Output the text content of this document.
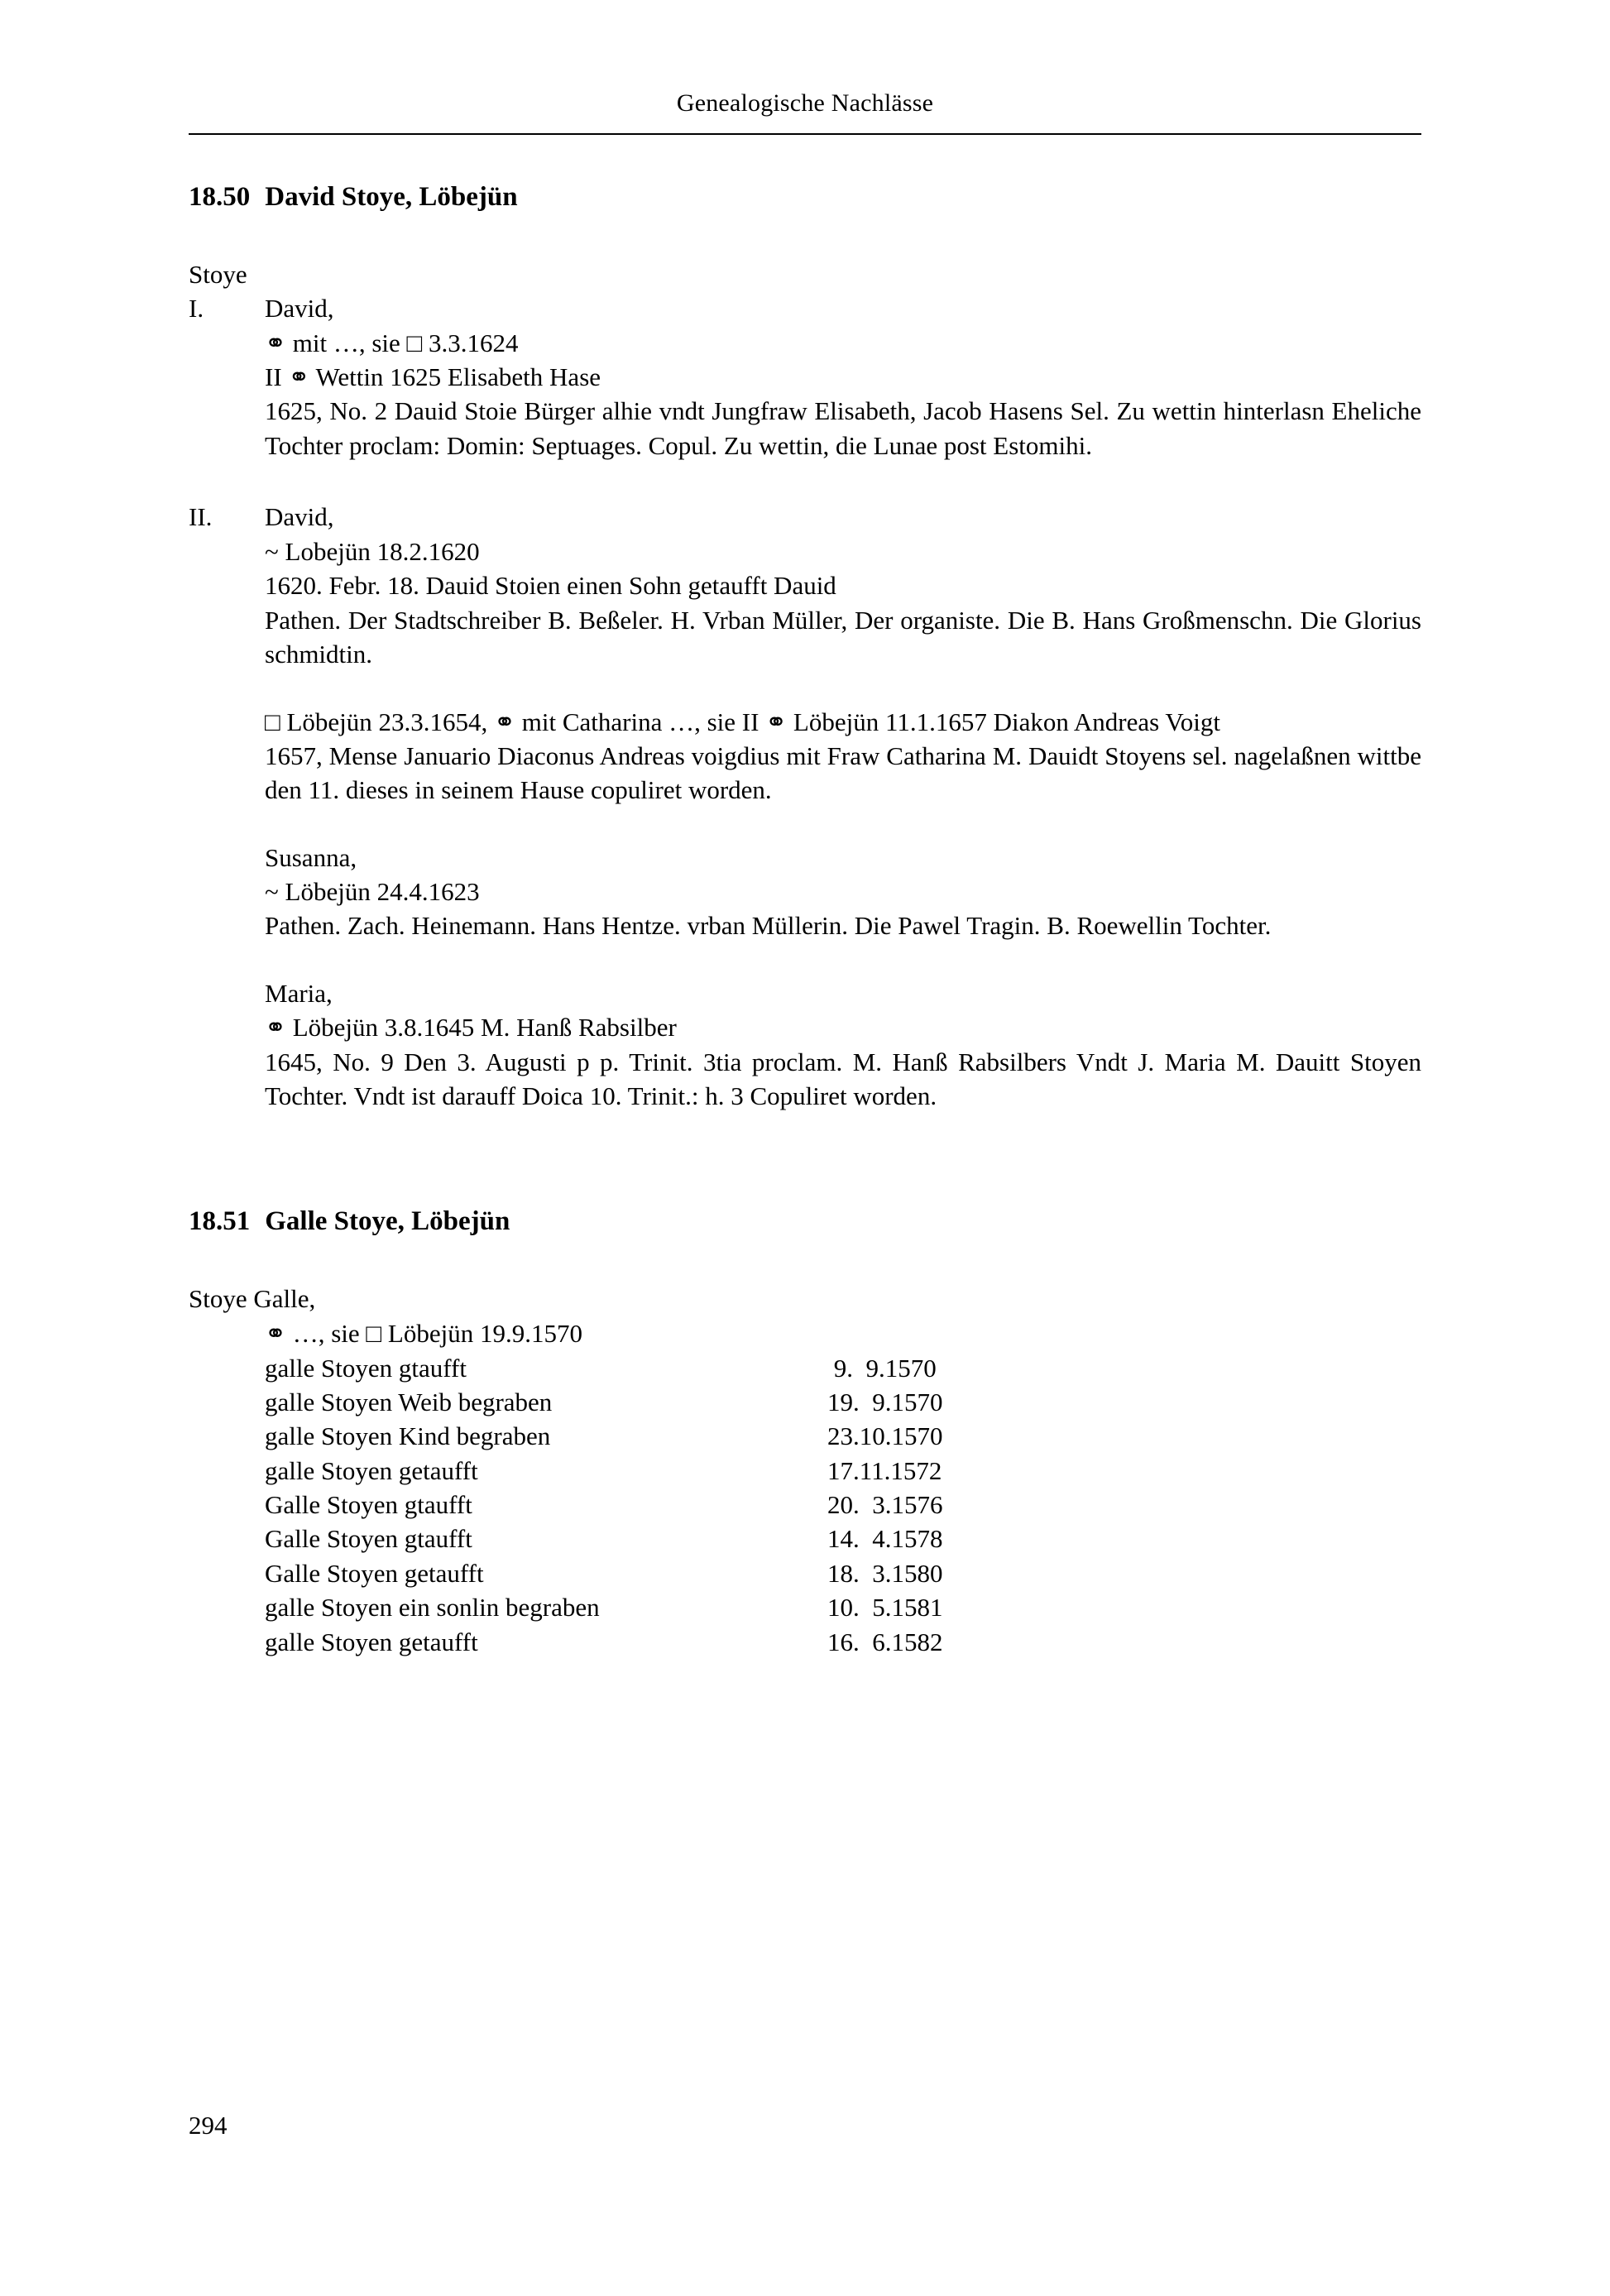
Genealogische Nachlässe
18.50 David Stoye, Löbejün
Stoye
I.	David,
⚭ mit …, sie □ 3.3.1624
II ⚭ Wettin 1625 Elisabeth Hase
1625, No. 2 Dauid Stoie Bürger alhie vndt Jungfraw Elisabeth, Jacob Hasens Sel. Zu wettin hinterlasn Eheliche Tochter proclam: Domin: Septuages. Copul. Zu wettin, die Lunae post Estomihi.
II.	David,
~ Lobejün 18.2.1620
1620. Febr. 18. Dauid Stoien einen Sohn getaufft Dauid
Pathen. Der Stadtschreiber B. Beßeler. H. Vrban Müller, Der organiste. Die B. Hans Großmenschn. Die Glorius schmidtin.
□ Löbejün 23.3.1654, ⚭ mit Catharina …, sie II ⚭ Löbejün 11.1.1657 Diakon Andreas Voigt
1657, Mense Januario Diaconus Andreas voigdius mit Fraw Catharina M. Dauidt Stoyens sel. nagelaßnen wittbe den 11. dieses in seinem Hause copuliret worden.
Susanna,
~ Löbejün 24.4.1623
Pathen. Zach. Heinemann. Hans Hentze. vrban Müllerin. Die Pawel Tragin. B. Roewellin Tochter.
Maria,
⚭ Löbejün 3.8.1645 M. Hanß Rabsilber
1645, No. 9 Den 3. Augusti p p. Trinit. 3tia proclam. M. Hanß Rabsilbers Vndt J. Maria M. Dauitt Stoyen Tochter. Vndt ist darauff Doica 10. Trinit.: h. 3 Copuliret worden.
18.51 Galle Stoye, Löbejün
Stoye Galle,
⚭ …, sie □ Löbejün 19.9.1570
galle Stoyen gtaufft	9.  9.1570
galle Stoyen Weib begraben	19.  9.1570
galle Stoyen Kind begraben	23.10.1570
galle Stoyen getaufft	17.11.1572
Galle Stoyen gtaufft	20.  3.1576
Galle Stoyen gtaufft	14.  4.1578
Galle Stoyen getaufft	18.  3.1580
galle Stoyen ein sonlin begraben	10.  5.1581
galle Stoyen getaufft	16.  6.1582
294
